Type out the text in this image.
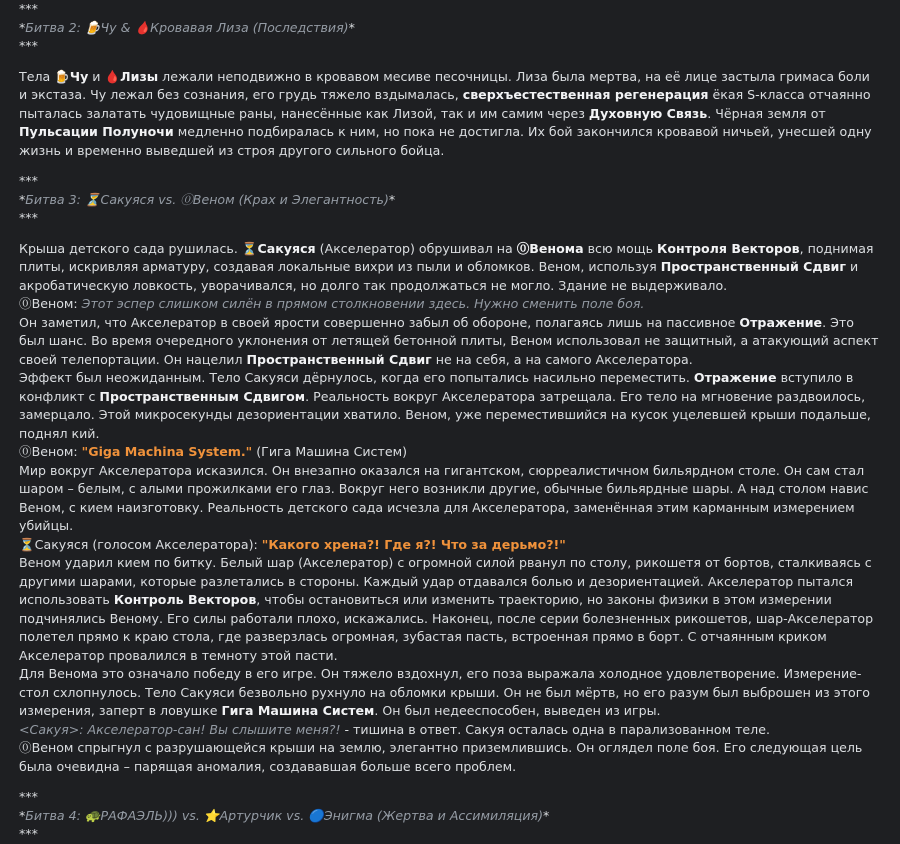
***
*Битва 2: 🍺Чу & 🩸Кровавая Лиза (Последствия)*
***
Тела 🍺Чу и 🩸Лизы лежали неподвижно в кровавом месиве песочницы. Лиза была мертва, на её лице застыла гримаса боли и экстаза. Чу лежал без сознания, его грудь тяжело вздымалась, сверхъестественная регенерация ёкая S-класса отчаянно пыталась залатать чудовищные раны, нанесённые как Лизой, так и им самим через Духовную Связь. Чёрная земля от Пульсации Полуночи медленно подбиралась к ним, но пока не достигла. Их бой закончился кровавой ничьей, унесшей одну жизнь и временно выведшей из строя другого сильного бойца.
***
*Битва 3: ⏳Сакуяся vs. ⓪Веном (Крах и Элегантность)*
***
Крыша детского сада рушилась. ⏳Сакуяся (Акселератор) обрушивал на ⓪Венома всю мощь Контроля Векторов, поднимая плиты, искривляя арматуру, создавая локальные вихри из пыли и обломков. Веном, используя Пространственный Сдвиг и акробатическую ловкость, уворачивался, но долго так продолжаться не могло. Здание не выдерживало.
⓪Веном: Этот эспер слишком силён в прямом столкновении здесь. Нужно сменить поле боя.
Он заметил, что Акселератор в своей ярости совершенно забыл об обороне, полагаясь лишь на пассивное Отражение. Это был шанс. Во время очередного уклонения от летящей бетонной плиты, Веном использовал не защитный, а атакующий аспект своей телепортации. Он нацелил Пространственный Сдвиг не на себя, а на самого Акселератора.
Эффект был неожиданным. Тело Сакуяси дёрнулось, когда его попытались насильно переместить. Отражение вступило в конфликт с Пространственным Сдвигом. Реальность вокруг Акселератора затрещала. Его тело на мгновение раздвоилось, замерцало. Этой микросекунды дезориентации хватило. Веном, уже переместившийся на кусок уцелевшей крыши подальше, поднял кий.
⓪Веном: "Giga Machina System." (Гига Машина Систем)
Мир вокруг Акселератора исказился. Он внезапно оказался на гигантском, сюрреалистичном бильярдном столе. Он сам стал шаром – белым, с алыми прожилками его глаз. Вокруг него возникли другие, обычные бильярдные шары. А над столом навис Веном, с кием наизготовку. Реальность детского сада исчезла для Акселератора, заменённая этим карманным измерением убийцы.
⏳Сакуяся (голосом Акселератора): "Какого хрена?! Где я?! Что за дерьмо?!"
Веном ударил кием по битку. Белый шар (Акселератор) с огромной силой рванул по столу, рикошетя от бортов, сталкиваясь с другими шарами, которые разлетались в стороны. Каждый удар отдавался болью и дезориентацией. Акселератор пытался использовать Контроль Векторов, чтобы остановиться или изменить траекторию, но законы физики в этом измерении подчинялись Веному. Его силы работали плохо, искажались. Наконец, после серии болезненных рикошетов, шар-Акселератор полетел прямо к краю стола, где разверзлась огромная, зубастая пасть, встроенная прямо в борт. С отчаянным криком Акселератор провалился в темноту этой пасти.
Для Венома это означало победу в его игре. Он тяжело вздохнул, его поза выражала холодное удовлетворение. Измерение-стол схлопнулось. Тело Сакуяси безвольно рухнуло на обломки крыши. Он не был мёртв, но его разум был выброшен из этого измерения, заперт в ловушке Гига Машина Систем. Он был недееспособен, выведен из игры.
<Сакуя>: Акселератор-сан! Вы слышите меня?! - тишина в ответ. Сакуя осталась одна в парализованном теле.
⓪Веном спрыгнул с разрушающейся крыши на землю, элегантно приземлившись. Он оглядел поле боя. Его следующая цель была очевидна – парящая аномалия, создававшая больше всего проблем.
***
*Битва 4: 🐢РАФАЭЛЬ))) vs. ⭐Артурчик vs. 🔵Энигма (Жертва и Ассимиляция)*
***
